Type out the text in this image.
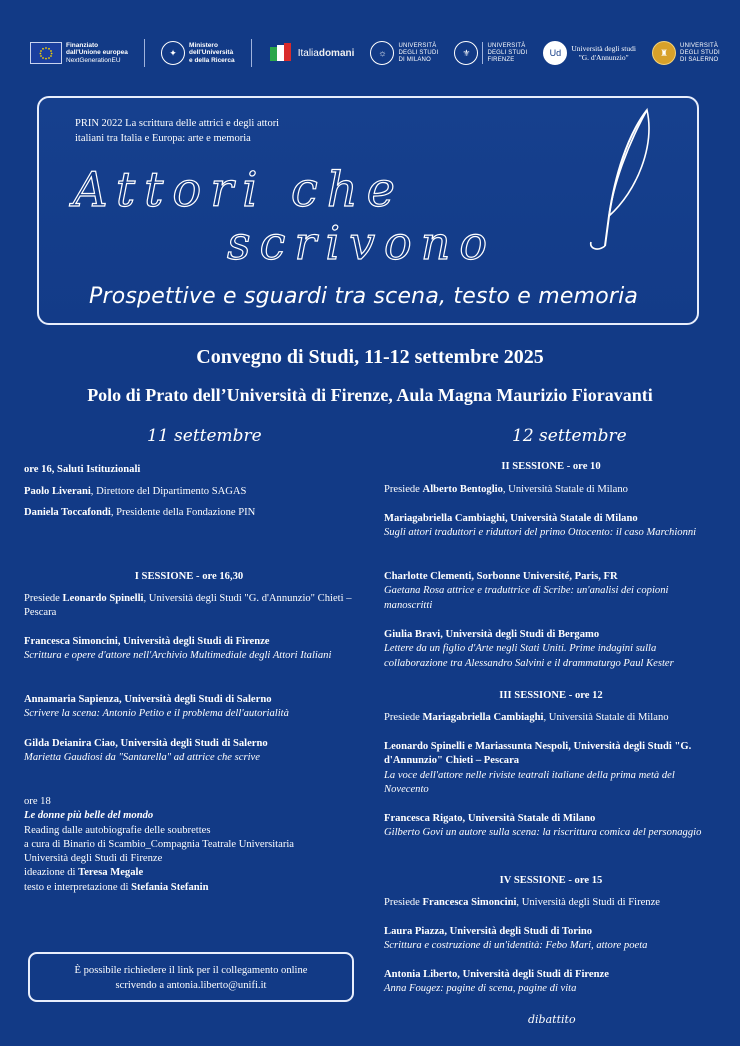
Finanziato
dall'Unione europea
NextGenerationEU
✦
Ministero
dell'Università
e della Ricerca
Italiadomani	☼
UNIVERSITÀ
DEGLI STUDI
DI MILANO
⚜
UNIVERSITÀ
DEGLI STUDI
FIRENZE
Ud	Università degli studi
"G. d'Annunzio"	♜
UNIVERSITÀ
DEGLI STUDI
DI SALERNO
PRIN 2022 La scrittura delle attrici e degli attori
italiani tra Italia e Europa: arte e memoria
Attori che
scrivono
Prospettive e sguardi tra scena, testo e memoria
Convegno di Studi, 11-12 settembre 2025
Polo di Prato dell’Università di Firenze, Aula Magna Maurizio Fioravanti
11 settembre	12 settembre

ore 16, Saluti Istituzionali

Paolo Liverani, Direttore del Dipartimento SAGAS

Daniela Toccafondi, Presidente della Fondazione PIN

I SESSIONE - ore 16,30

Presiede Leonardo Spinelli, Università degli Studi "G. d'Annunzio" Chieti – Pescara

Francesca Simoncini, Università degli Studi di Firenze

Scrittura e opere d'attore nell'Archivio Multimediale degli Attori Italiani

Annamaria Sapienza, Università degli Studi di Salerno

Scrivere la scena: Antonio Petito e il problema dell'autorialità

Gilda Deianira Ciao, Università degli Studi di Salerno

Marietta Gaudiosi da "Santarella" ad attrice che scrive

ore 18

Le donne più belle del mondo

Reading dalle autobiografie delle soubrettes

a cura di Binario di Scambio_Compagnia Teatrale Universitaria

Università degli Studi di Firenze

ideazione di Teresa Megale

testo e interpretazione di Stefania Stefanin

II SESSIONE - ore 10

Presiede Alberto Bentoglio, Università Statale di Milano

Mariagabriella Cambiaghi, Università Statale di Milano

Sugli attori traduttori e riduttori del primo Ottocento: il caso Marchionni

Charlotte Clementi, Sorbonne Université, Paris, FR

Gaetana Rosa attrice e traduttrice di Scribe: un'analisi dei copioni manoscritti

Giulia Bravi, Università degli Studi di Bergamo

Lettere da un figlio d'Arte negli Stati Uniti. Prime indagini sulla collaborazione tra Alessandro Salvini e il drammaturgo Paul Kester

III SESSIONE - ore 12

Presiede Mariagabriella Cambiaghi, Università Statale di Milano

Leonardo Spinelli e Mariassunta Nespoli, Università degli Studi "G. d'Annunzio" Chieti – Pescara

La voce dell'attore nelle riviste teatrali italiane della prima metà del Novecento

Francesca Rigato, Università Statale di Milano

Gilberto Govi un autore sulla scena: la riscrittura comica del personaggio

IV SESSIONE - ore 15

Presiede Francesca Simoncini, Università degli Studi di Firenze

Laura Piazza, Università degli Studi di Torino

Scrittura e costruzione di un'identità: Febo Mari, attore poeta

Antonia Liberto, Università degli Studi di Firenze

Anna Fougez: pagine di scena, pagine di vita

È possibile richiedere il link per il collegamento online
scrivendo a antonia.liberto@unifi.it
dibattito
